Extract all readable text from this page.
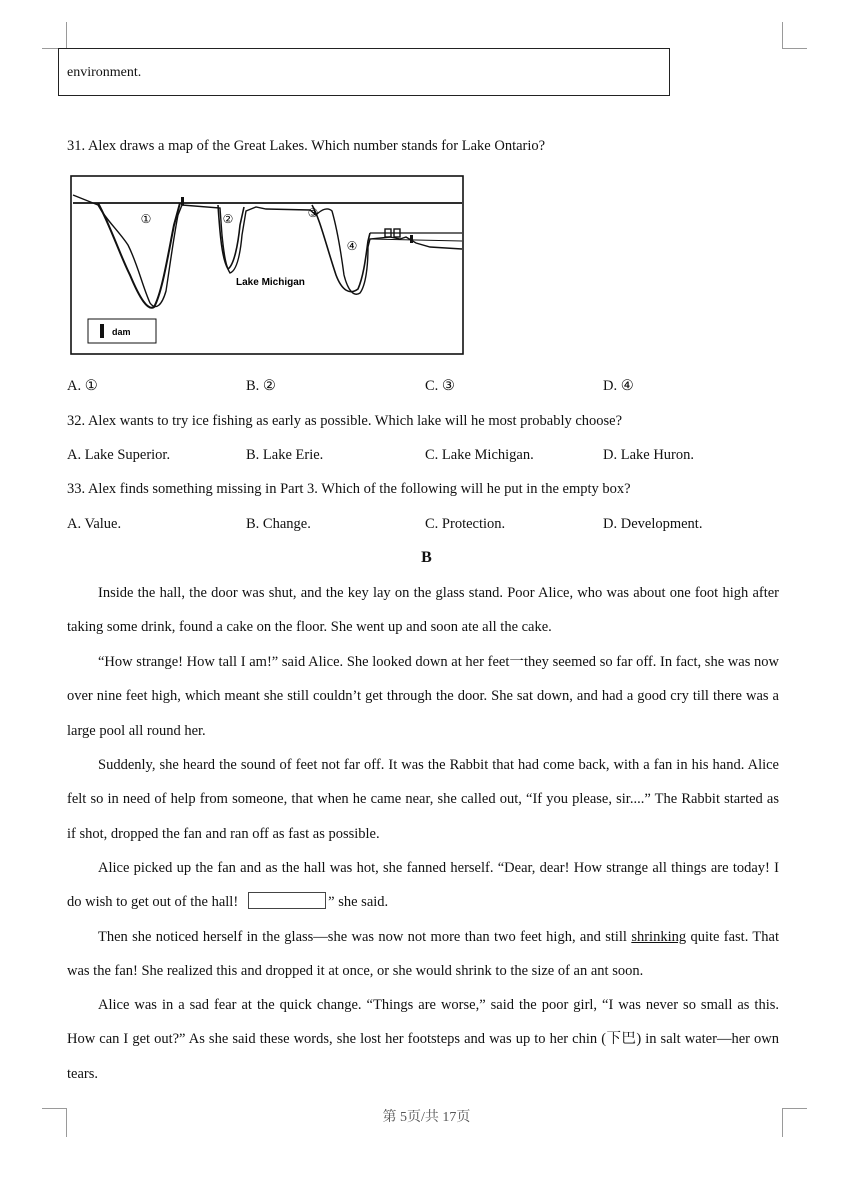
environment.
31. Alex draws a map of the Great Lakes. Which number stands for Lake Ontario?
①	②	③
④
Lake Michigan
dam
A. ①	B. ②	C. ③	D. ④
32. Alex wants to try ice fishing as early as possible. Which lake will he most probably choose?
A. Lake Superior.	B. Lake Erie.	C. Lake Michigan.	D. Lake Huron.
33. Alex finds something missing in Part 3. Which of the following will he put in the empty box?
A. Value.	B. Change.	C. Protection.	D. Development.
B
Inside the hall, the door was shut, and the key lay on the glass stand. Poor Alice, who was about one foot high after taking some drink, found a cake on the floor. She went up and soon ate all the cake.
“How strange! How tall I am!” said Alice. She looked down at her feet一they seemed so far off. In fact, she was now over nine feet high, which meant she still couldn’t get through the door. She sat down, and had a good cry till there was a large pool all round her.
Suddenly, she heard the sound of feet not far off. It was the Rabbit that had come back, with a fan in his hand. Alice felt so in need of help from someone, that when he came near, she called out, “If you please, sir....” The Rabbit started as if shot, dropped the fan and ran off as fast as possible.
Alice picked up the fan and as the hall was hot, she fanned herself. “Dear, dear! How strange all things are today! I do wish to get out of the hall!	” she said.
Then she noticed herself in the glass—she was now not more than two feet high, and still shrinking quite fast. That was the fan! She realized this and dropped it at once, or she would shrink to the size of an ant soon.
Alice was in a sad fear at the quick change. “Things are worse,” said the poor girl, “I was never so small as this. How can I get out?” As she said these words, she lost her footsteps and was up to her chin (下巴) in salt water—her own tears.
第 5页/共 17页
